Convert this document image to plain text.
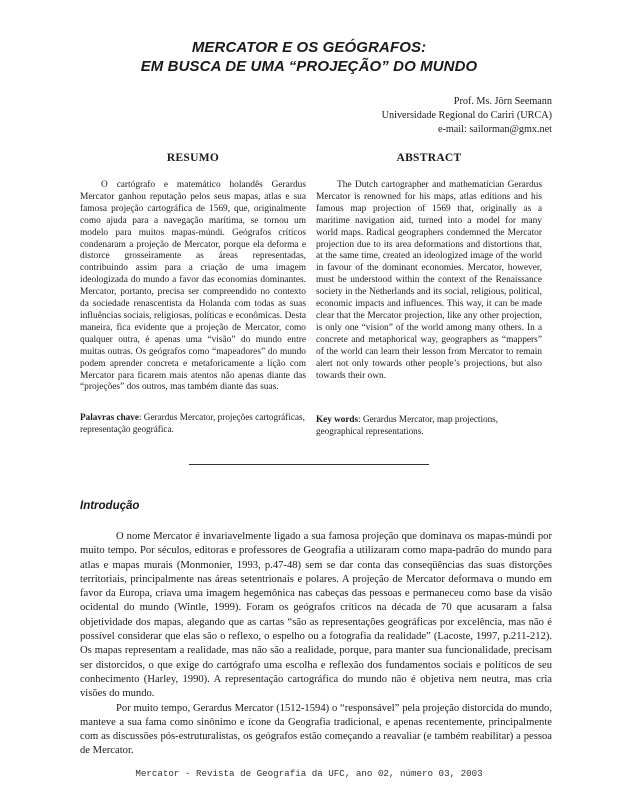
MERCATOR E OS GEÓGRAFOS:
EM BUSCA DE UMA “PROJEÇÃO” DO MUNDO
Prof. Ms. Jörn Seemann
Universidade Regional do Cariri (URCA)
e-mail: sailorman@gmx.net
RESUMO	ABSTRACT

O cartógrafo e matemático holandês Gerardus Mercator ganhou reputação pelos seus mapas, atlas e sua famosa projeção cartográfica de 1569, que, originalmente como ajuda para a navegação marítima, se tornou um modelo para muitos mapas-múndi. Geógrafos críticos condenaram a projeção de Mercator, porque ela deforma e distorce grosseiramente as áreas representadas, contribuindo assim para a criação de uma imagem ideologizada do mundo a favor das economias dominantes. Mercator, portanto, precisa ser compreendido no contexto da sociedade renascentista da Holanda com todas as suas influências sociais, religiosas, políticas e econômicas. Desta maneira, fica evidente que a projeção de Mercator, como qualquer outra, é apenas uma “visão” do mundo entre muitas outras. Os geógrafos como “mapeadores” do mundo podem aprender concreta e metaforicamente a lição com Mercator para ficarem mais atentos não apenas diante das “projeções” dos outros, mas também diante das suas.

The Dutch cartographer and mathematician Gerardus Mercator is renowned for his maps, atlas editions and his famous map projection of 1569 that, originally as a maritime navigation aid, turned into a model for many world maps. Radical geographers condemned the Mercator projection due to its area deformations and distortions that, at the same time, created an ideologized image of the world in favour of the dominant economies. Mercator, however, must be understood within the context of the Renaissance society in the Netherlands and its social, religious, political, economic impacts and influences. This way, it can be made clear that the Mercator projection, like any other projection, is only one “vision” of the world among many others. In a concrete and metaphorical way, geographers as “mappers” of the world can learn their lesson from Mercator to remain alert not only towards other people’s projections, but also towards their own.

Palavras chave: Gerardus Mercator, projeções cartográficas, representação geográfica.
Key words: Gerardus Mercator, map projections, geographical representations.
Introdução

O nome Mercator é invariavelmente ligado a sua famosa projeção que dominava os mapas-múndi por muito tempo. Por séculos, editoras e professores de Geografia a utilizaram como mapa-padrão do mundo para atlas e mapas murais (Monmonier, 1993, p.47-48) sem se dar conta das conseqüências das suas distorções territoriais, principalmente nas áreas setentrionais e polares. A projeção de Mercator deformava o mundo em favor da Europa, criava uma imagem hegemônica nas cabeças das pessoas e permaneceu como base da visão ocidental do mundo (Wintle, 1999). Foram os geógrafos críticos na década de 70 que acusaram a falsa objetividade dos mapas, alegando que as cartas “são as representações geográficas por excelência, mas não é possível considerar que elas são o reflexo, o espelho ou a fotografia da realidade” (Lacoste, 1997, p.211-212). Os mapas representam a realidade, mas não são a realidade, porque, para manter sua funcionalidade, precisam ser distorcidos, o que exige do cartógrafo uma escolha e reflexão dos fundamentos sociais e políticos de seu conhecimento (Harley, 1990). A representação cartográfica do mundo não é objetiva nem neutra, mas cria visões do mundo.

Por muito tempo, Gerardus Mercator (1512-1594) o “responsável” pela projeção distorcida do mundo, manteve a sua fama como sinônimo e ícone da Geografia tradicional, e apenas recentemente, principalmente com as discussões pós-estruturalistas, os geógrafos estão começando a reavaliar (e também reabilitar) a pessoa de Mercator.

Mercator - Revista de Geografia da UFC, ano 02, número 03, 2003
